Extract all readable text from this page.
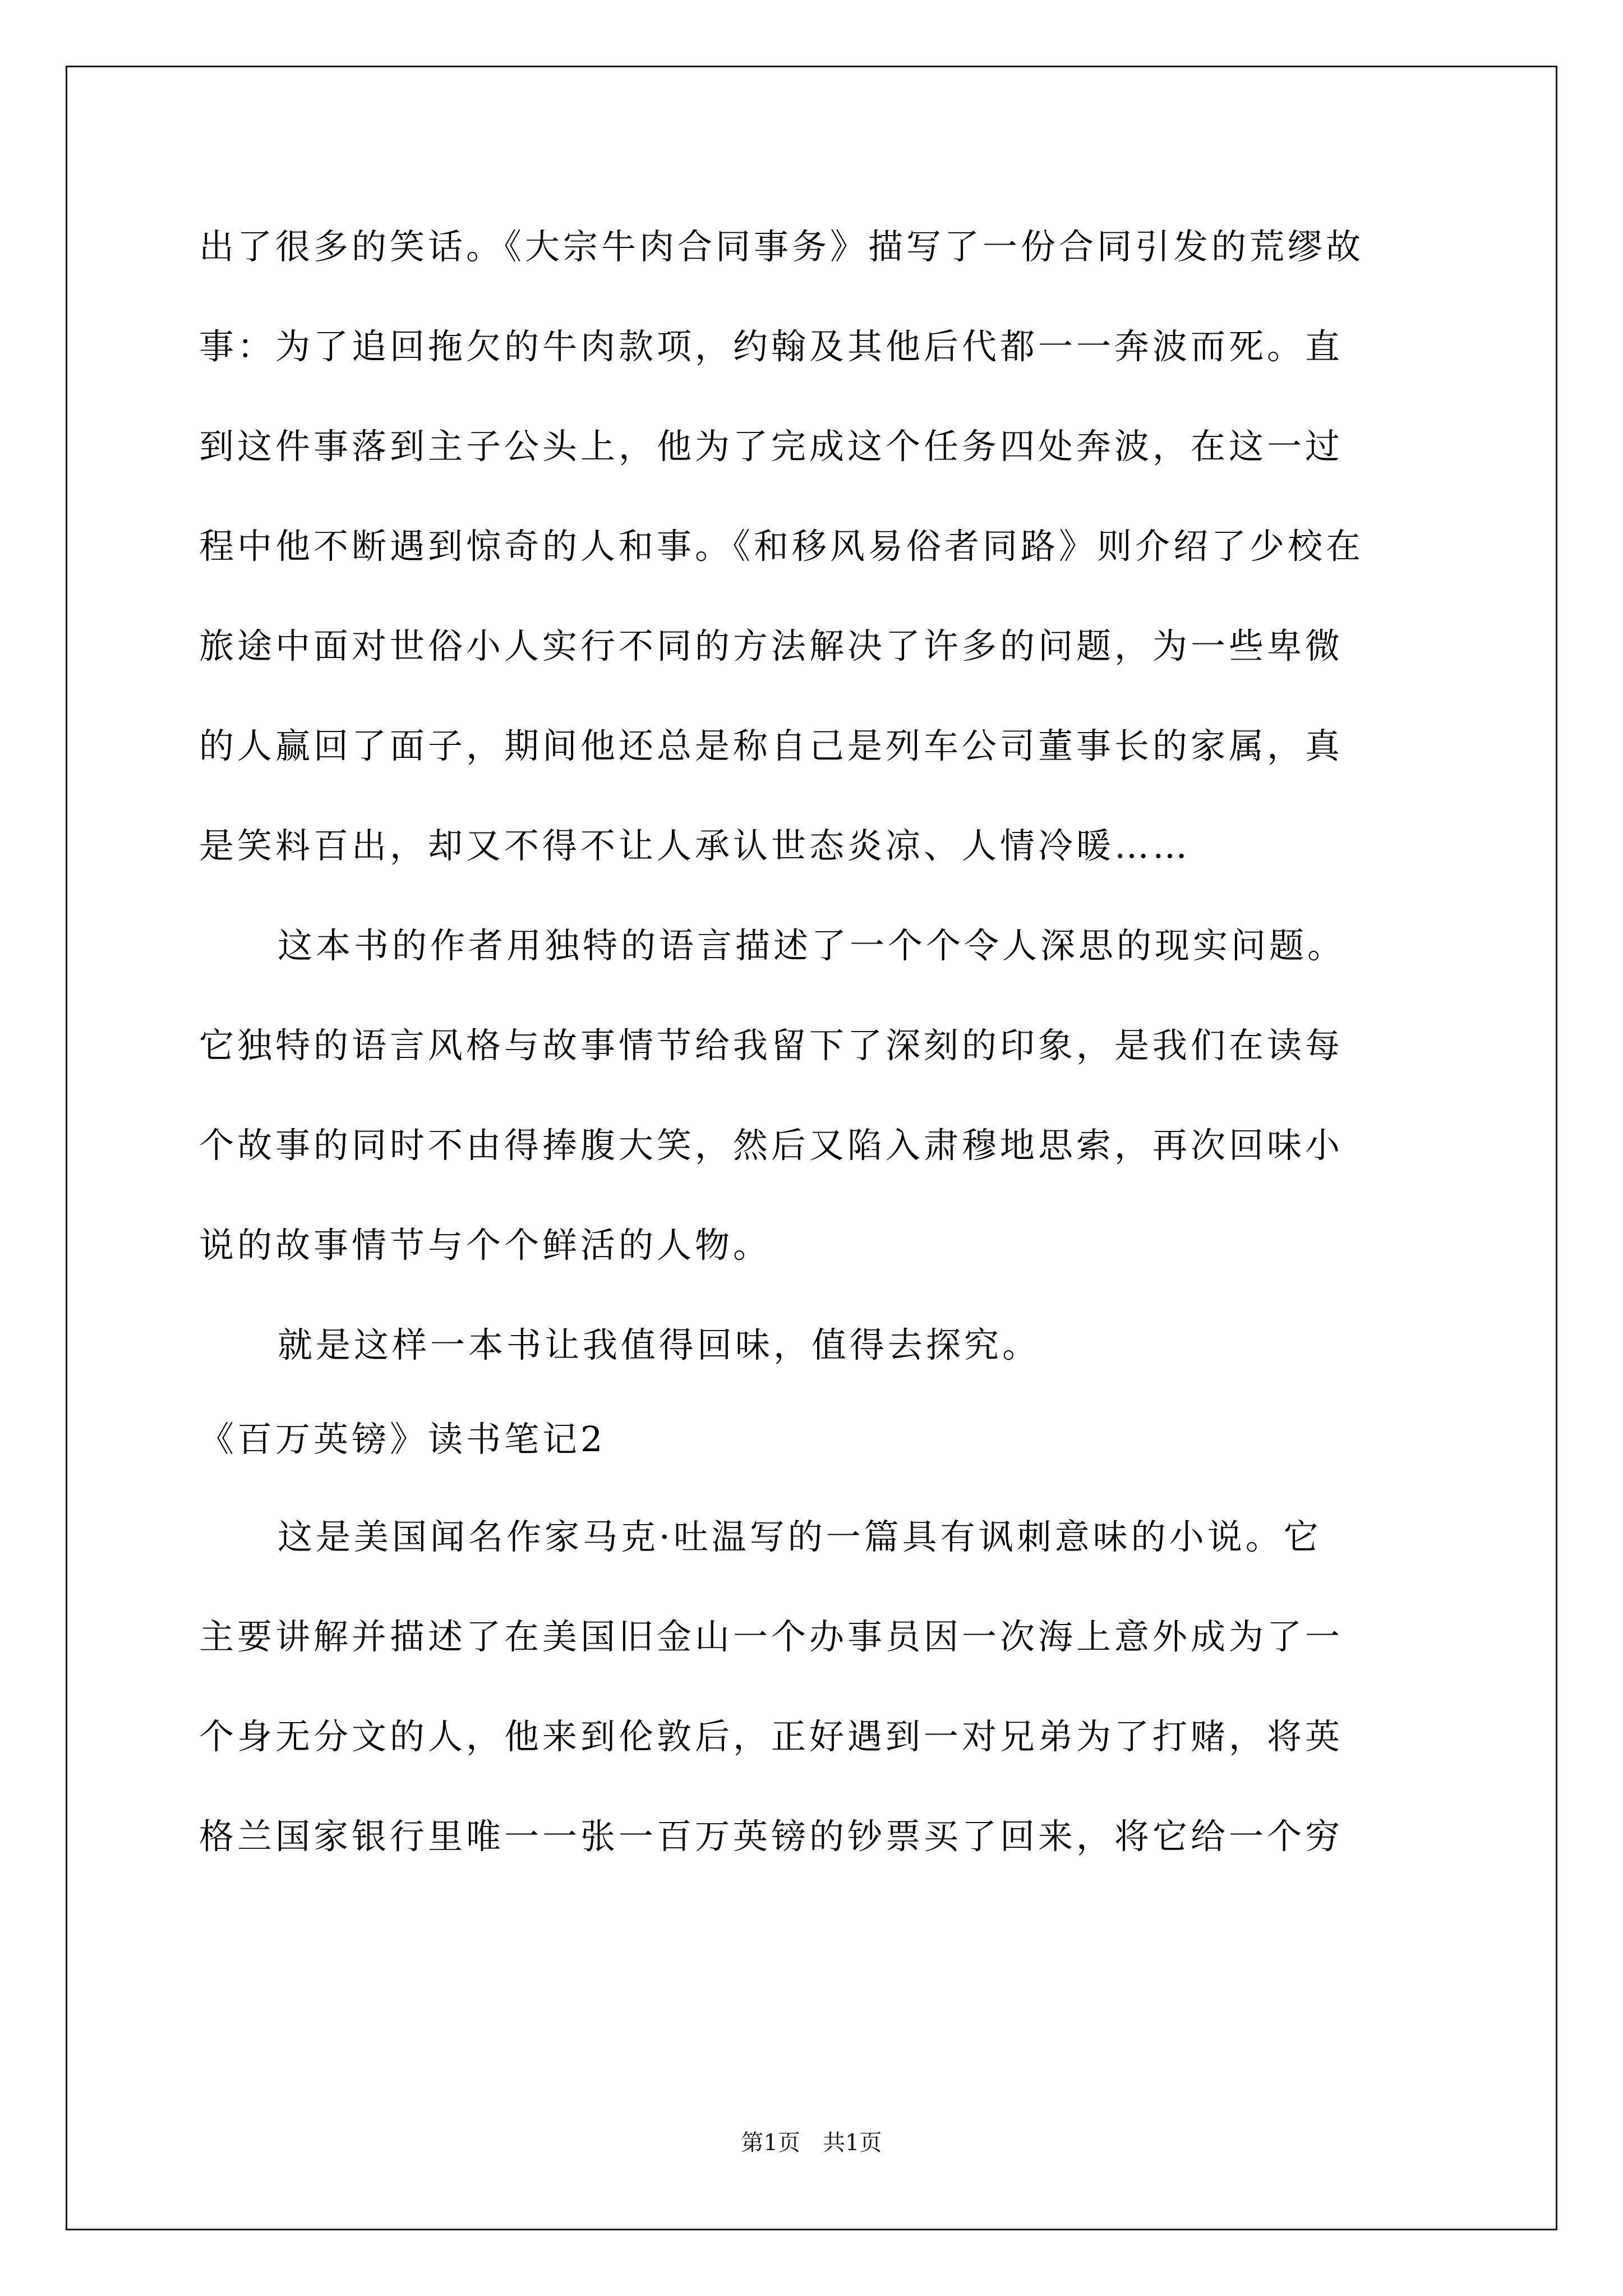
出了很多的笑话。《大宗牛肉合同事务》描写了一份合同引发的荒缪故
事：为了追回拖欠的牛肉款项，约翰及其他后代都一一奔波而死。直
到这件事落到主子公头上，他为了完成这个任务四处奔波，在这一过
程中他不断遇到惊奇的人和事。《和移风易俗者同路》则介绍了少校在
旅途中面对世俗小人实行不同的方法解决了许多的问题，为一些卑微
的人赢回了面子，期间他还总是称自己是列车公司董事长的家属，真
是笑料百出，却又不得不让人承认世态炎凉、人情冷暖……
这本书的作者用独特的语言描述了一个个令人深思的现实问题。
它独特的语言风格与故事情节给我留下了深刻的印象，是我们在读每
个故事的同时不由得捧腹大笑，然后又陷入肃穆地思索，再次回味小
说的故事情节与个个鲜活的人物。
就是这样一本书让我值得回味，值得去探究。
《百万英镑》读书笔记2
这是美国闻名作家马克·吐温写的一篇具有讽刺意味的小说。它
主要讲解并描述了在美国旧金山一个办事员因一次海上意外成为了一
个身无分文的人，他来到伦敦后，正好遇到一对兄弟为了打赌，将英
格兰国家银行里唯一一张一百万英镑的钞票买了回来，将它给一个穷
第1页　共1页
